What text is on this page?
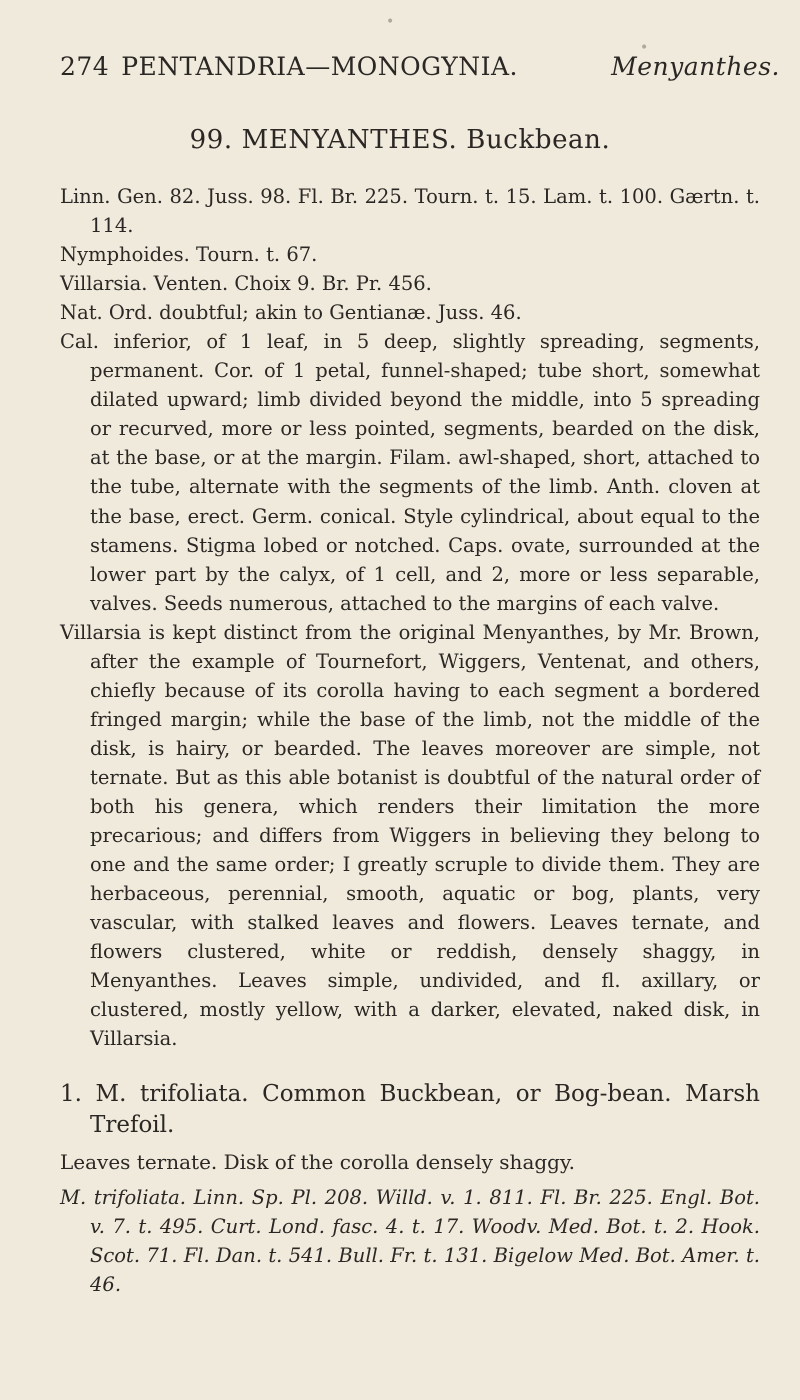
•
•
274 PENTANDRIA—MONOGYNIA.	Menyanthes.
99. MENYANTHES. Buckbean.

Linn. Gen. 82. Juss. 98. Fl. Br. 225. Tourn. t. 15. Lam. t. 100. Gærtn. t. 114.

Nymphoides. Tourn. t. 67.

Villarsia. Venten. Choix 9. Br. Pr. 456.

Nat. Ord. doubtful; akin to Gentianæ. Juss. 46.

Cal. inferior, of 1 leaf, in 5 deep, slightly spreading, segments, permanent. Cor. of 1 petal, funnel-shaped; tube short, somewhat dilated upward; limb divided beyond the middle, into 5 spreading or recurved, more or less pointed, segments, bearded on the disk, at the base, or at the margin. Filam. awl-shaped, short, attached to the tube, alternate with the segments of the limb. Anth. cloven at the base, erect. Germ. conical. Style cylindrical, about equal to the stamens. Stigma lobed or notched. Caps. ovate, surrounded at the lower part by the calyx, of 1 cell, and 2, more or less separable, valves. Seeds numerous, attached to the margins of each valve.

Villarsia is kept distinct from the original Menyanthes, by Mr. Brown, after the example of Tournefort, Wiggers, Ventenat, and others, chiefly because of its corolla having to each segment a bordered fringed margin; while the base of the limb, not the middle of the disk, is hairy, or bearded. The leaves moreover are simple, not ternate. But as this able botanist is doubtful of the natural order of both his genera, which renders their limitation the more precarious; and differs from Wiggers in believing they belong to one and the same order; I greatly scruple to divide them. They are herbaceous, perennial, smooth, aquatic or bog, plants, very vascular, with stalked leaves and flowers. Leaves ternate, and flowers clustered, white or reddish, densely shaggy, in Menyanthes. Leaves simple, undivided, and fl. axillary, or clustered, mostly yellow, with a darker, elevated, naked disk, in Villarsia.

1. M. trifoliata. Common Buckbean, or Bog-bean. Marsh Trefoil.

Leaves ternate. Disk of the corolla densely shaggy.

M. trifoliata. Linn. Sp. Pl. 208. Willd. v. 1. 811. Fl. Br. 225. Engl. Bot. v. 7. t. 495. Curt. Lond. fasc. 4. t. 17. Woodv. Med. Bot. t. 2. Hook. Scot. 71. Fl. Dan. t. 541. Bull. Fr. t. 131. Bigelow Med. Bot. Amer. t. 46.
